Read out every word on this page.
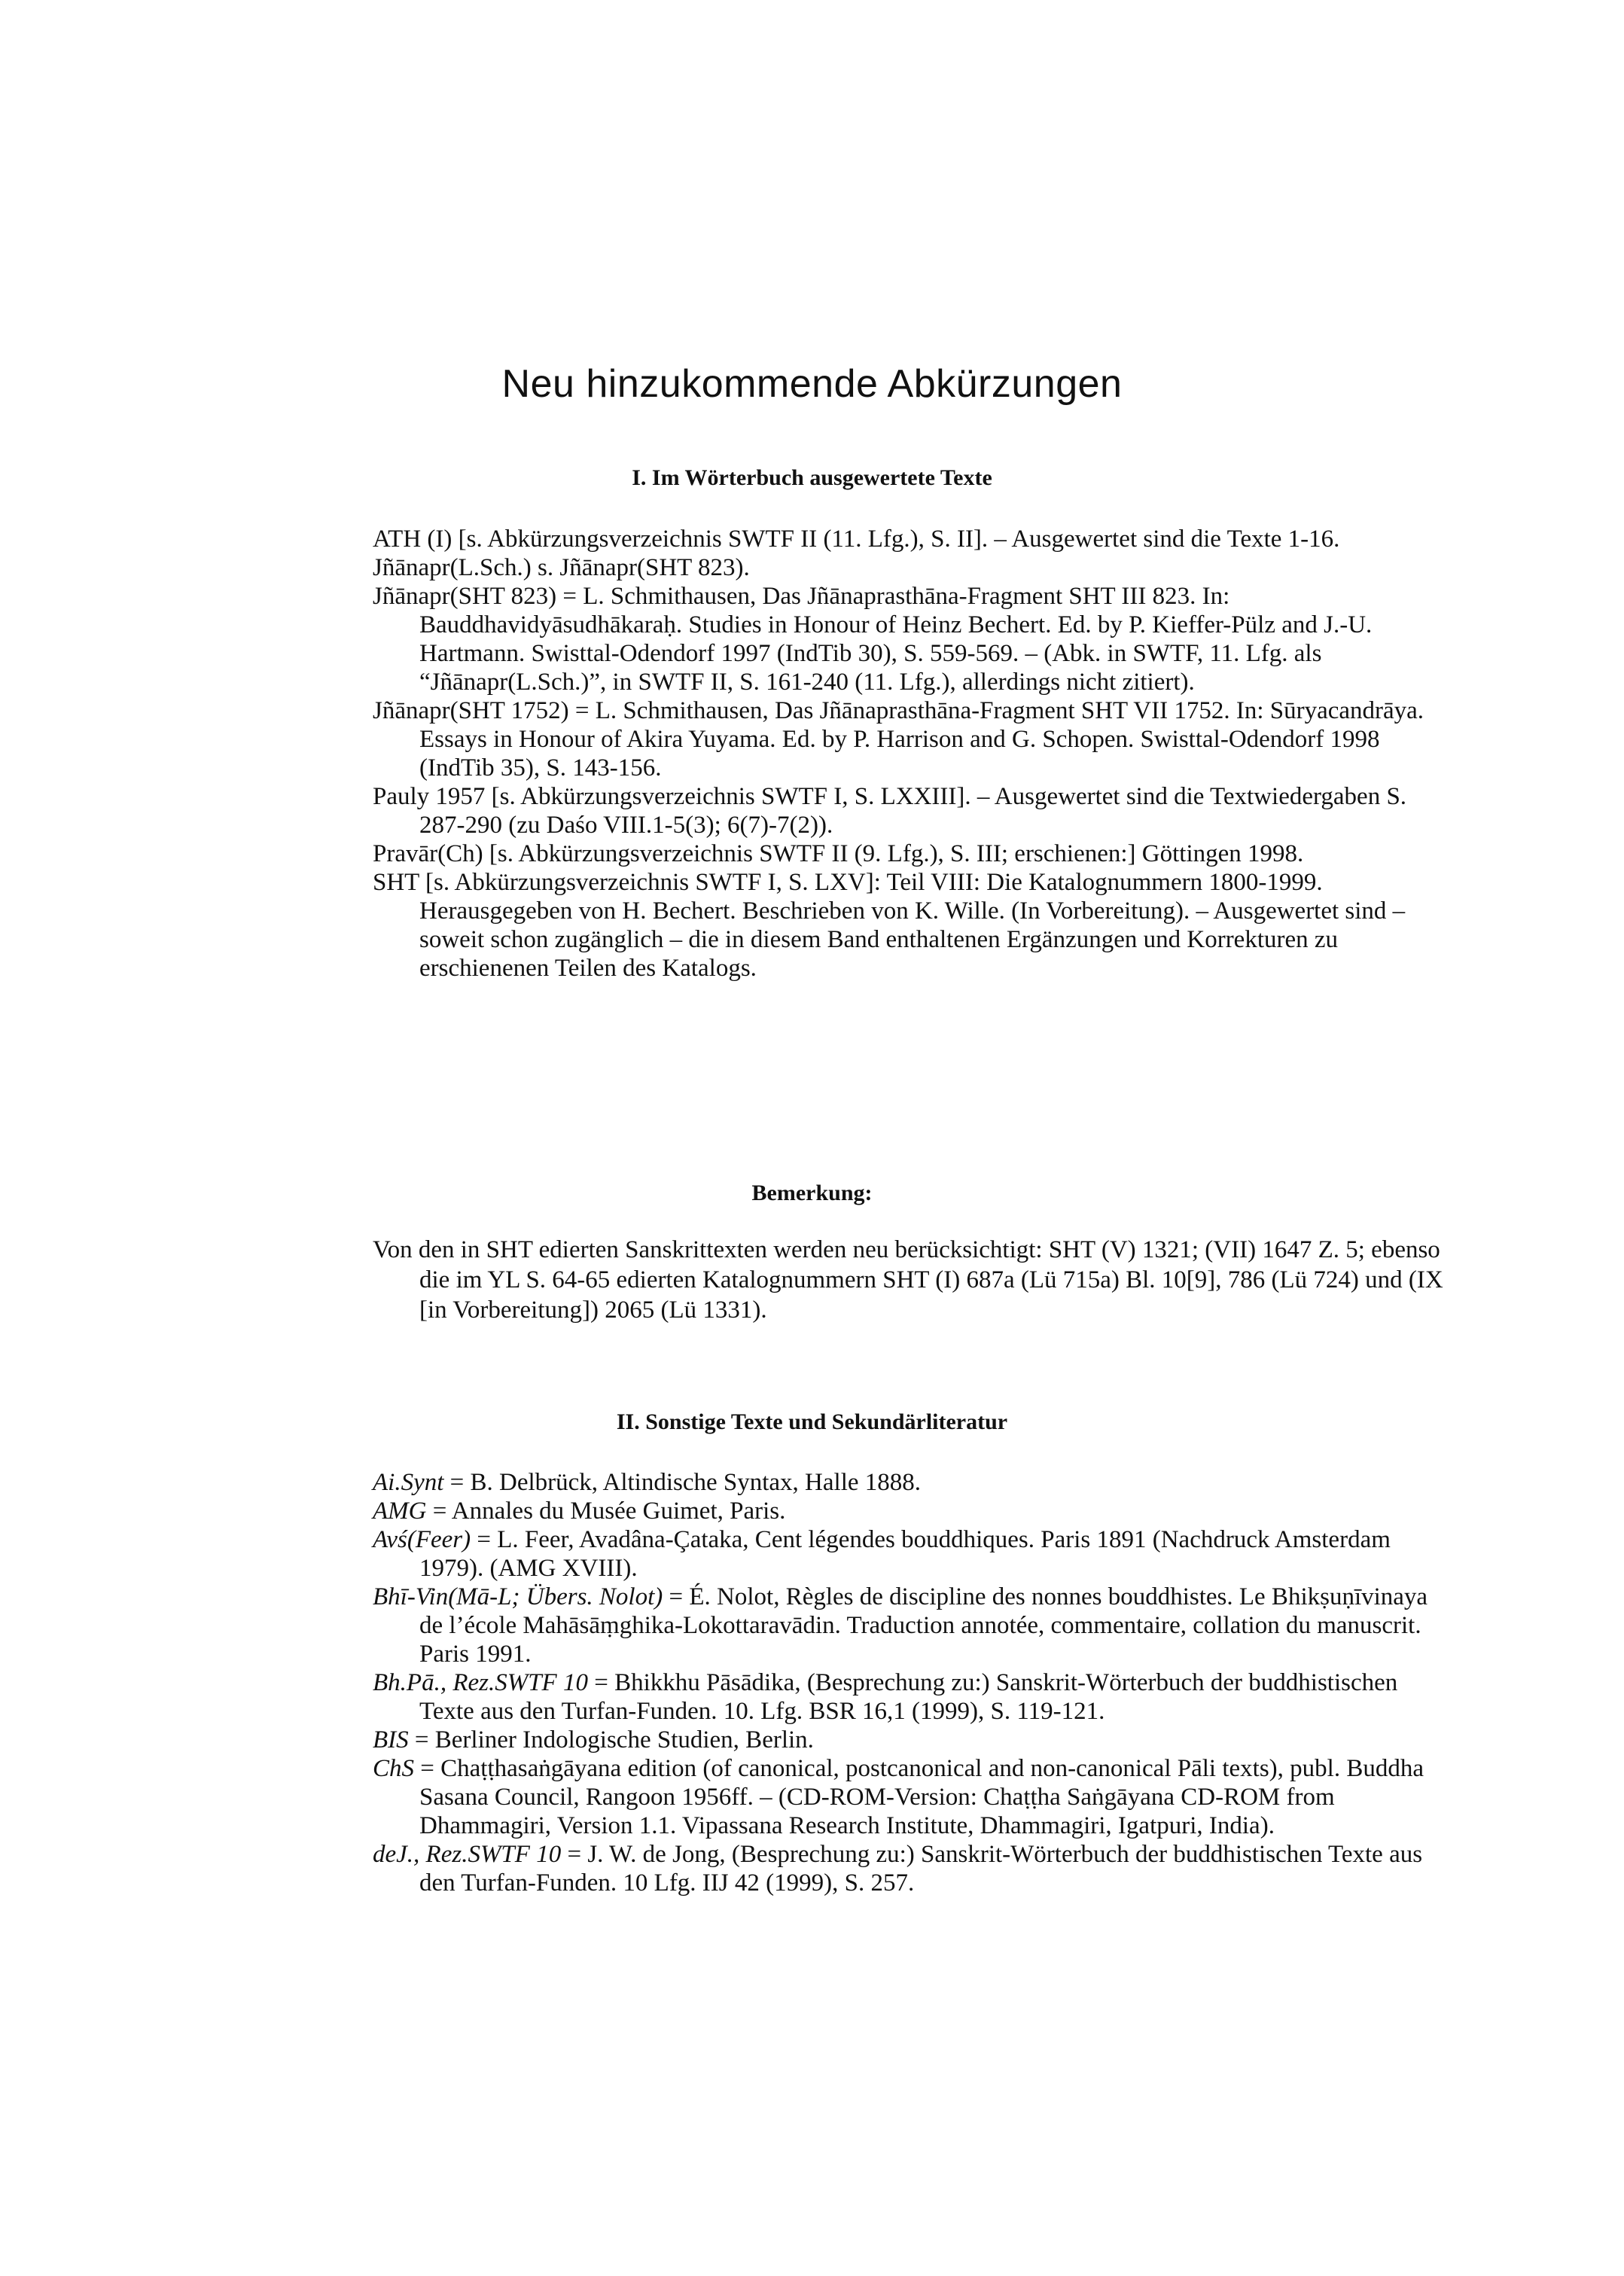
Neu hinzukommende Abkürzungen
I. Im Wörterbuch ausgewertete Texte

ATH (I) [s. Abkürzungsverzeichnis SWTF II (11. Lfg.), S. II]. – Ausgewertet sind die Texte 1-16.

Jñānapr(L.Sch.) s. Jñānapr(SHT 823).

Jñānapr(SHT 823) = L. Schmithausen, Das Jñānaprasthāna-Fragment SHT III 823. In: Bauddhavidyāsudhākaraḥ. Studies in Honour of Heinz Bechert. Ed. by P. Kieffer-Pülz and J.-U. Hartmann. Swisttal-Odendorf 1997 (IndTib 30), S. 559-569. – (Abk. in SWTF, 11. Lfg. als “Jñānapr(L.Sch.)”, in SWTF II, S. 161-240 (11. Lfg.), allerdings nicht zitiert).

Jñānapr(SHT 1752) = L. Schmithausen, Das Jñānaprasthāna-Fragment SHT VII 1752. In: Sūryacandrāya. Essays in Honour of Akira Yuyama. Ed. by P. Harrison and G. Schopen. Swisttal-Odendorf 1998 (IndTib 35), S. 143-156.

Pauly 1957 [s. Abkürzungsverzeichnis SWTF I, S. LXXIII]. – Ausgewertet sind die Textwiedergaben S. 287-290 (zu Daśo VIII.1-5(3); 6(7)-7(2)).

Pravār(Ch) [s. Abkürzungsverzeichnis SWTF II (9. Lfg.), S. III; erschienen:] Göttingen 1998.

SHT [s. Abkürzungsverzeichnis SWTF I, S. LXV]: Teil VIII: Die Katalognummern 1800-1999. Herausgegeben von H. Bechert. Beschrieben von K. Wille. (In Vorbereitung). – Ausgewertet sind – soweit schon zugänglich – die in diesem Band enthaltenen Ergänzungen und Korrekturen zu erschienenen Teilen des Katalogs.

Bemerkung:
Von den in SHT edierten Sanskrittexten werden neu berücksichtigt: SHT (V) 1321; (VII) 1647 Z. 5; ebenso die im YL S. 64-65 edierten Katalognummern SHT (I) 687a (Lü 715a) Bl. 10[9], 786 (Lü 724) und (IX [in Vorbereitung]) 2065 (Lü 1331).
II. Sonstige Texte und Sekundärliteratur

Ai.Synt = B. Delbrück, Altindische Syntax, Halle 1888.

AMG = Annales du Musée Guimet, Paris.

Avś(Feer) = L. Feer, Avadâna-Çataka, Cent légendes bouddhiques. Paris 1891 (Nachdruck Amsterdam 1979). (AMG XVIII).

Bhī-Vin(Mā-L; Übers. Nolot) = É. Nolot, Règles de discipline des nonnes bouddhistes. Le Bhikṣuṇīvinaya de l’école Mahāsāṃghika-Lokottaravādin. Traduction annotée, commentaire, collation du manuscrit. Paris 1991.

Bh.Pā., Rez.SWTF 10 = Bhikkhu Pāsādika, (Besprechung zu:) Sanskrit-Wörterbuch der buddhistischen Texte aus den Turfan-Funden. 10. Lfg. BSR 16,1 (1999), S. 119-121.

BIS = Berliner Indologische Studien, Berlin.

ChS = Chaṭṭhasaṅgāyana edition (of canonical, postcanonical and non-canonical Pāli texts), publ. Buddha Sasana Council, Rangoon 1956ff. – (CD-ROM-Version: Chaṭṭha Saṅgāyana CD-ROM from Dhammagiri, Version 1.1. Vipassana Research Institute, Dhammagiri, Igatpuri, India).

deJ., Rez.SWTF 10 = J. W. de Jong, (Besprechung zu:) Sanskrit-Wörterbuch der buddhistischen Texte aus den Turfan-Funden. 10 Lfg. IIJ 42 (1999), S. 257.
